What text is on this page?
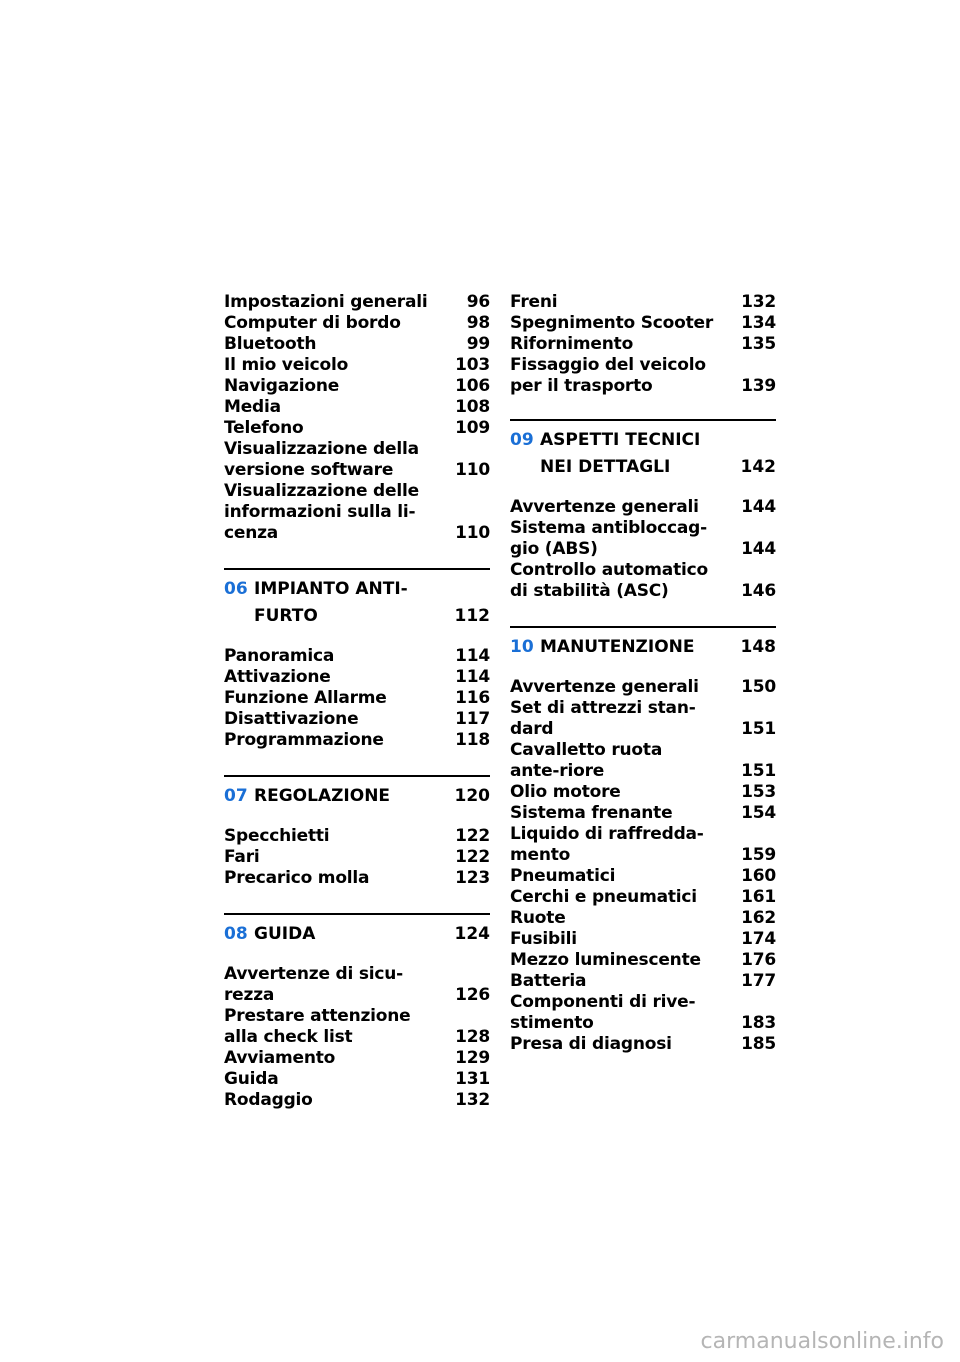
Impostazioni generali	96
Computer di bordo	98
Bluetooth	99
Il mio veicolo	103
Navigazione	106
Media	108
Telefono	109
Visualizzazione della versione software	110
Visualizzazione delle informazioni sulla li-cenza	110
06 IMPIANTO ANTI-FURTO	112
Panoramica	114
Attivazione	114
Funzione Allarme	116
Disattivazione	117
Programmazione	118
07 REGOLAZIONE	120
Specchietti	122
Fari	122
Precarico molla	123
08 GUIDA	124
Avvertenze di sicu-rezza	126
Prestare attenzione alla check list	128
Avviamento	129
Guida	131
Rodaggio	132
Freni	132
Spegnimento Scooter	134
Rifornimento	135
Fissaggio del veicolo per il trasporto	139
09 ASPETTI TECNICI NEI DETTAGLI	142
Avvertenze generali	144
Sistema antibloccag-gio (ABS)	144
Controllo automatico di stabilità (ASC)	146
10 MANUTENZIONE	148
Avvertenze generali	150
Set di attrezzi stan-dard	151
Cavalletto ruota ante-riore	151
Olio motore	153
Sistema frenante	154
Liquido di raffredda-mento	159
Pneumatici	160
Cerchi e pneumatici	161
Ruote	162
Fusibili	174
Mezzo luminescente	176
Batteria	177
Componenti di rive-stimento	183
Presa di diagnosi	185
carmanualsonline.info
